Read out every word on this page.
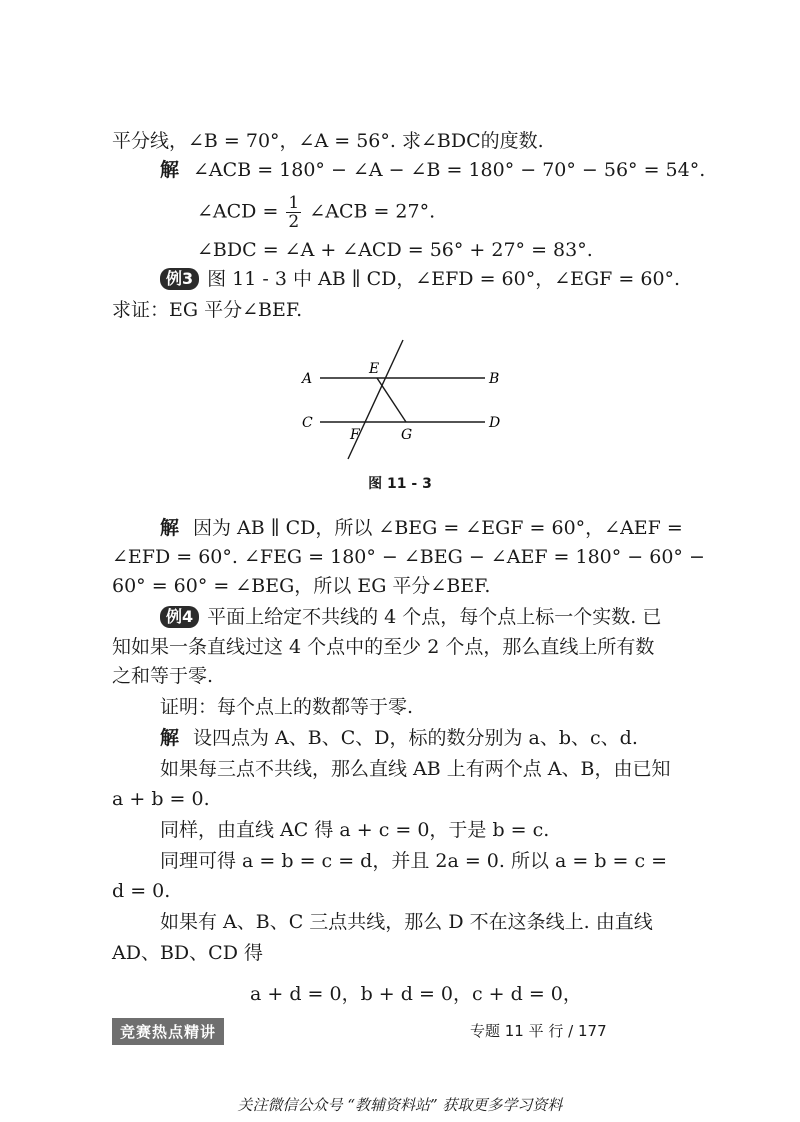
平分线，∠B = 70°，∠A = 56°. 求∠BDC的度数.
解 ∠ACB = 180° − ∠A − ∠B = 180° − 70° − 56° = 54°.
∠ACD = $\frac{1}{2}$ ∠ACB = 27°.
∠BDC = ∠A + ∠ACD = 56° + 27° = 83°.
例3 图 11 - 3 中 AB ∥ CD，∠EFD = 60°，∠EGF = 60°.
求证：EG 平分∠BEF.
A	B
C	D
E
F	G
图 11 - 3
解 因为 AB ∥ CD，所以 ∠BEG = ∠EGF = 60°，∠AEF =
∠EFD = 60°. ∠FEG = 180° − ∠BEG − ∠AEF = 180° − 60° −
60° = 60° = ∠BEG，所以 EG 平分∠BEF.
例4 平面上给定不共线的 4 个点，每个点上标一个实数. 已
知如果一条直线过这 4 个点中的至少 2 个点，那么直线上所有数
之和等于零.
证明：每个点上的数都等于零.
解 设四点为 A、B、C、D，标的数分别为 a、b、c、d.
如果每三点不共线，那么直线 AB 上有两个点 A、B，由已知
a + b = 0.
同样，由直线 AC 得 a + c = 0，于是 b = c.
同理可得 a = b = c = d，并且 2a = 0. 所以 a = b = c =
d = 0.
如果有 A、B、C 三点共线，那么 D 不在这条线上. 由直线
AD、BD、CD 得
a + d = 0，b + d = 0，c + d = 0，
竞赛热点精讲	专题 11 平 行 / 177
关注微信公众号 “教辅资料站” 获取更多学习资料
